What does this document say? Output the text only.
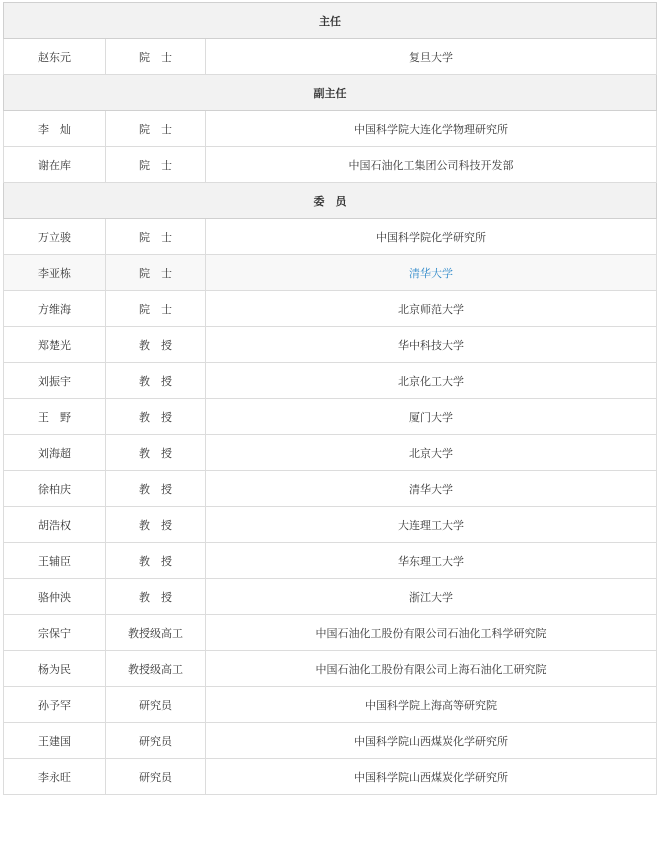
主任		
赵东元	院　士	复旦大学
副主任		
李　灿	院　士	中国科学院大连化学物理研究所
谢在库	院　士	中国石油化工集团公司科技开发部
委　员		
万立骏	院　士	中国科学院化学研究所
李亚栋	院　士	清华大学
方维海	院　士	北京师范大学
郑楚光	教　授	华中科技大学
刘振宇	教　授	北京化工大学
王　野	教　授	厦门大学
刘海超	教　授	北京大学
徐柏庆	教　授	清华大学
胡浩权	教　授	大连理工大学
王辅臣	教　授	华东理工大学
骆仲泱	教　授	浙江大学
宗保宁	教授级高工	中国石油化工股份有限公司石油化工科学研究院
杨为民	教授级高工	中国石油化工股份有限公司上海石油化工研究院
孙予罕	研究员	中国科学院上海高等研究院
王建国	研究员	中国科学院山西煤炭化学研究所
李永旺	研究员	中国科学院山西煤炭化学研究所
